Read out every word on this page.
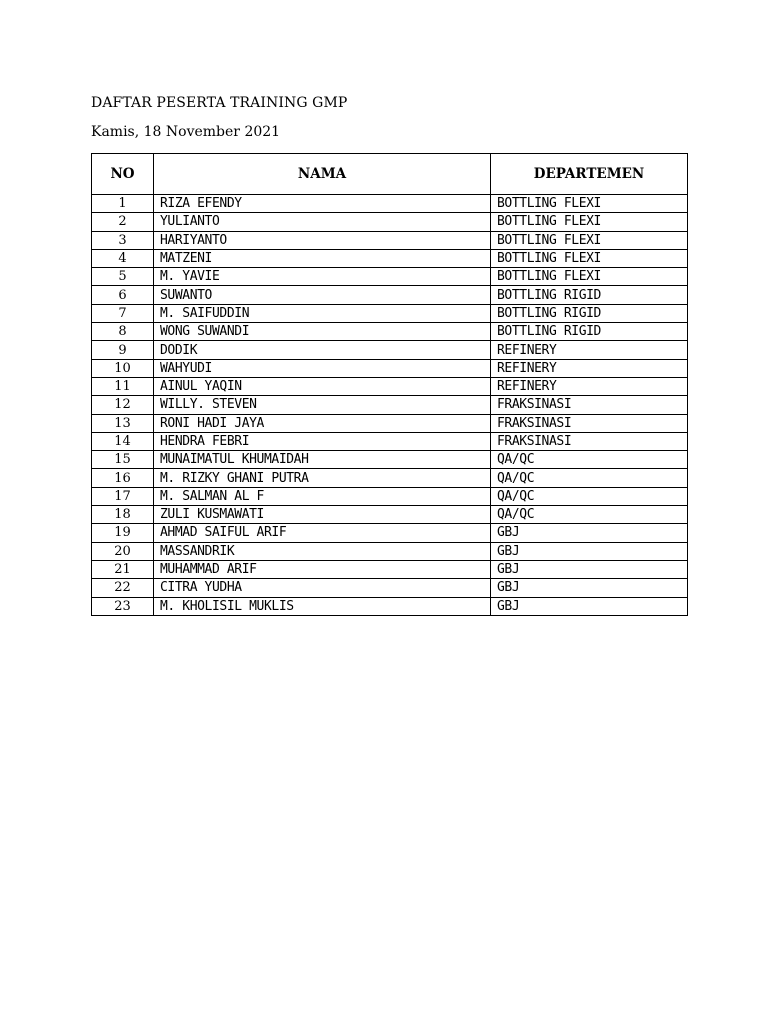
DAFTAR PESERTA TRAINING GMP
Kamis, 18 November 2021
NO	NAMA	DEPARTEMEN
1	RIZA EFENDY	BOTTLING FLEXI
2	YULIANTO	BOTTLING FLEXI
3	HARIYANTO	BOTTLING FLEXI
4	MATZENI	BOTTLING FLEXI
5	M. YAVIE	BOTTLING FLEXI
6	SUWANTO	BOTTLING RIGID
7	M. SAIFUDDIN	BOTTLING RIGID
8	WONG SUWANDI	BOTTLING RIGID
9	DODIK	REFINERY
10	WAHYUDI	REFINERY
11	AINUL YAQIN	REFINERY
12	WILLY. STEVEN	FRAKSINASI
13	RONI HADI JAYA	FRAKSINASI
14	HENDRA FEBRI	FRAKSINASI
15	MUNAIMATUL KHUMAIDAH	QA/QC
16	M. RIZKY GHANI PUTRA	QA/QC
17	M. SALMAN AL F	QA/QC
18	ZULI KUSMAWATI	QA/QC
19	AHMAD SAIFUL ARIF	GBJ
20	MASSANDRIK	GBJ
21	MUHAMMAD ARIF	GBJ
22	CITRA YUDHA	GBJ
23	M. KHOLISIL MUKLIS	GBJ
